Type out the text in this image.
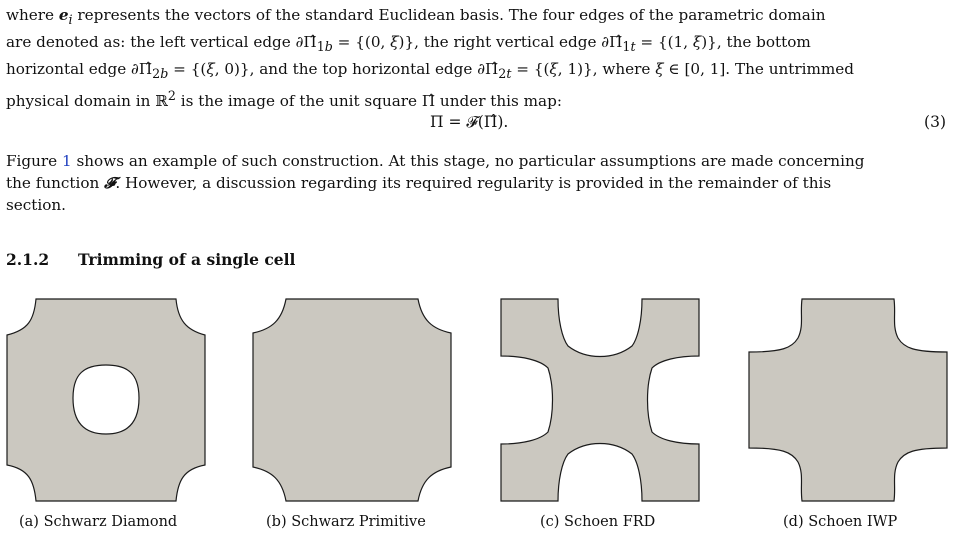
where $e_i$ represents the vectors of the standard Euclidean basis. The four edges of the parametric domain

are denoted as: the left vertical edge $\partial\Pî_{1b} = \{(0$, ξ)}, the right vertical edge $\partial\Pî_{1t} = \{(1$, ξ)}, the bottom

horizontal edge $\partial\Pî_{2b} = \{(\xi$, 0)}, and the top horizontal edge $\partial\Pî_{2t} = \{(\xi$, 1)}, where ξ ∈ [0, 1]. The untrimmed

physical domain in ℝ$^2$ is the image of the unit square Π̂ under this map:

Π = 𝓕(Π̂).	(3)

Figure 1 shows an example of such construction. At this stage, no particular assumptions are made concerning

the function 𝓕. However, a discussion regarding its required regularity is provided in the remainder of this

section.

2.1.2 Trimming of a single cell
(a) Schwarz Diamond	(b) Schwarz Primitive	(c) Schoen FRD	(d) Schoen IWP
